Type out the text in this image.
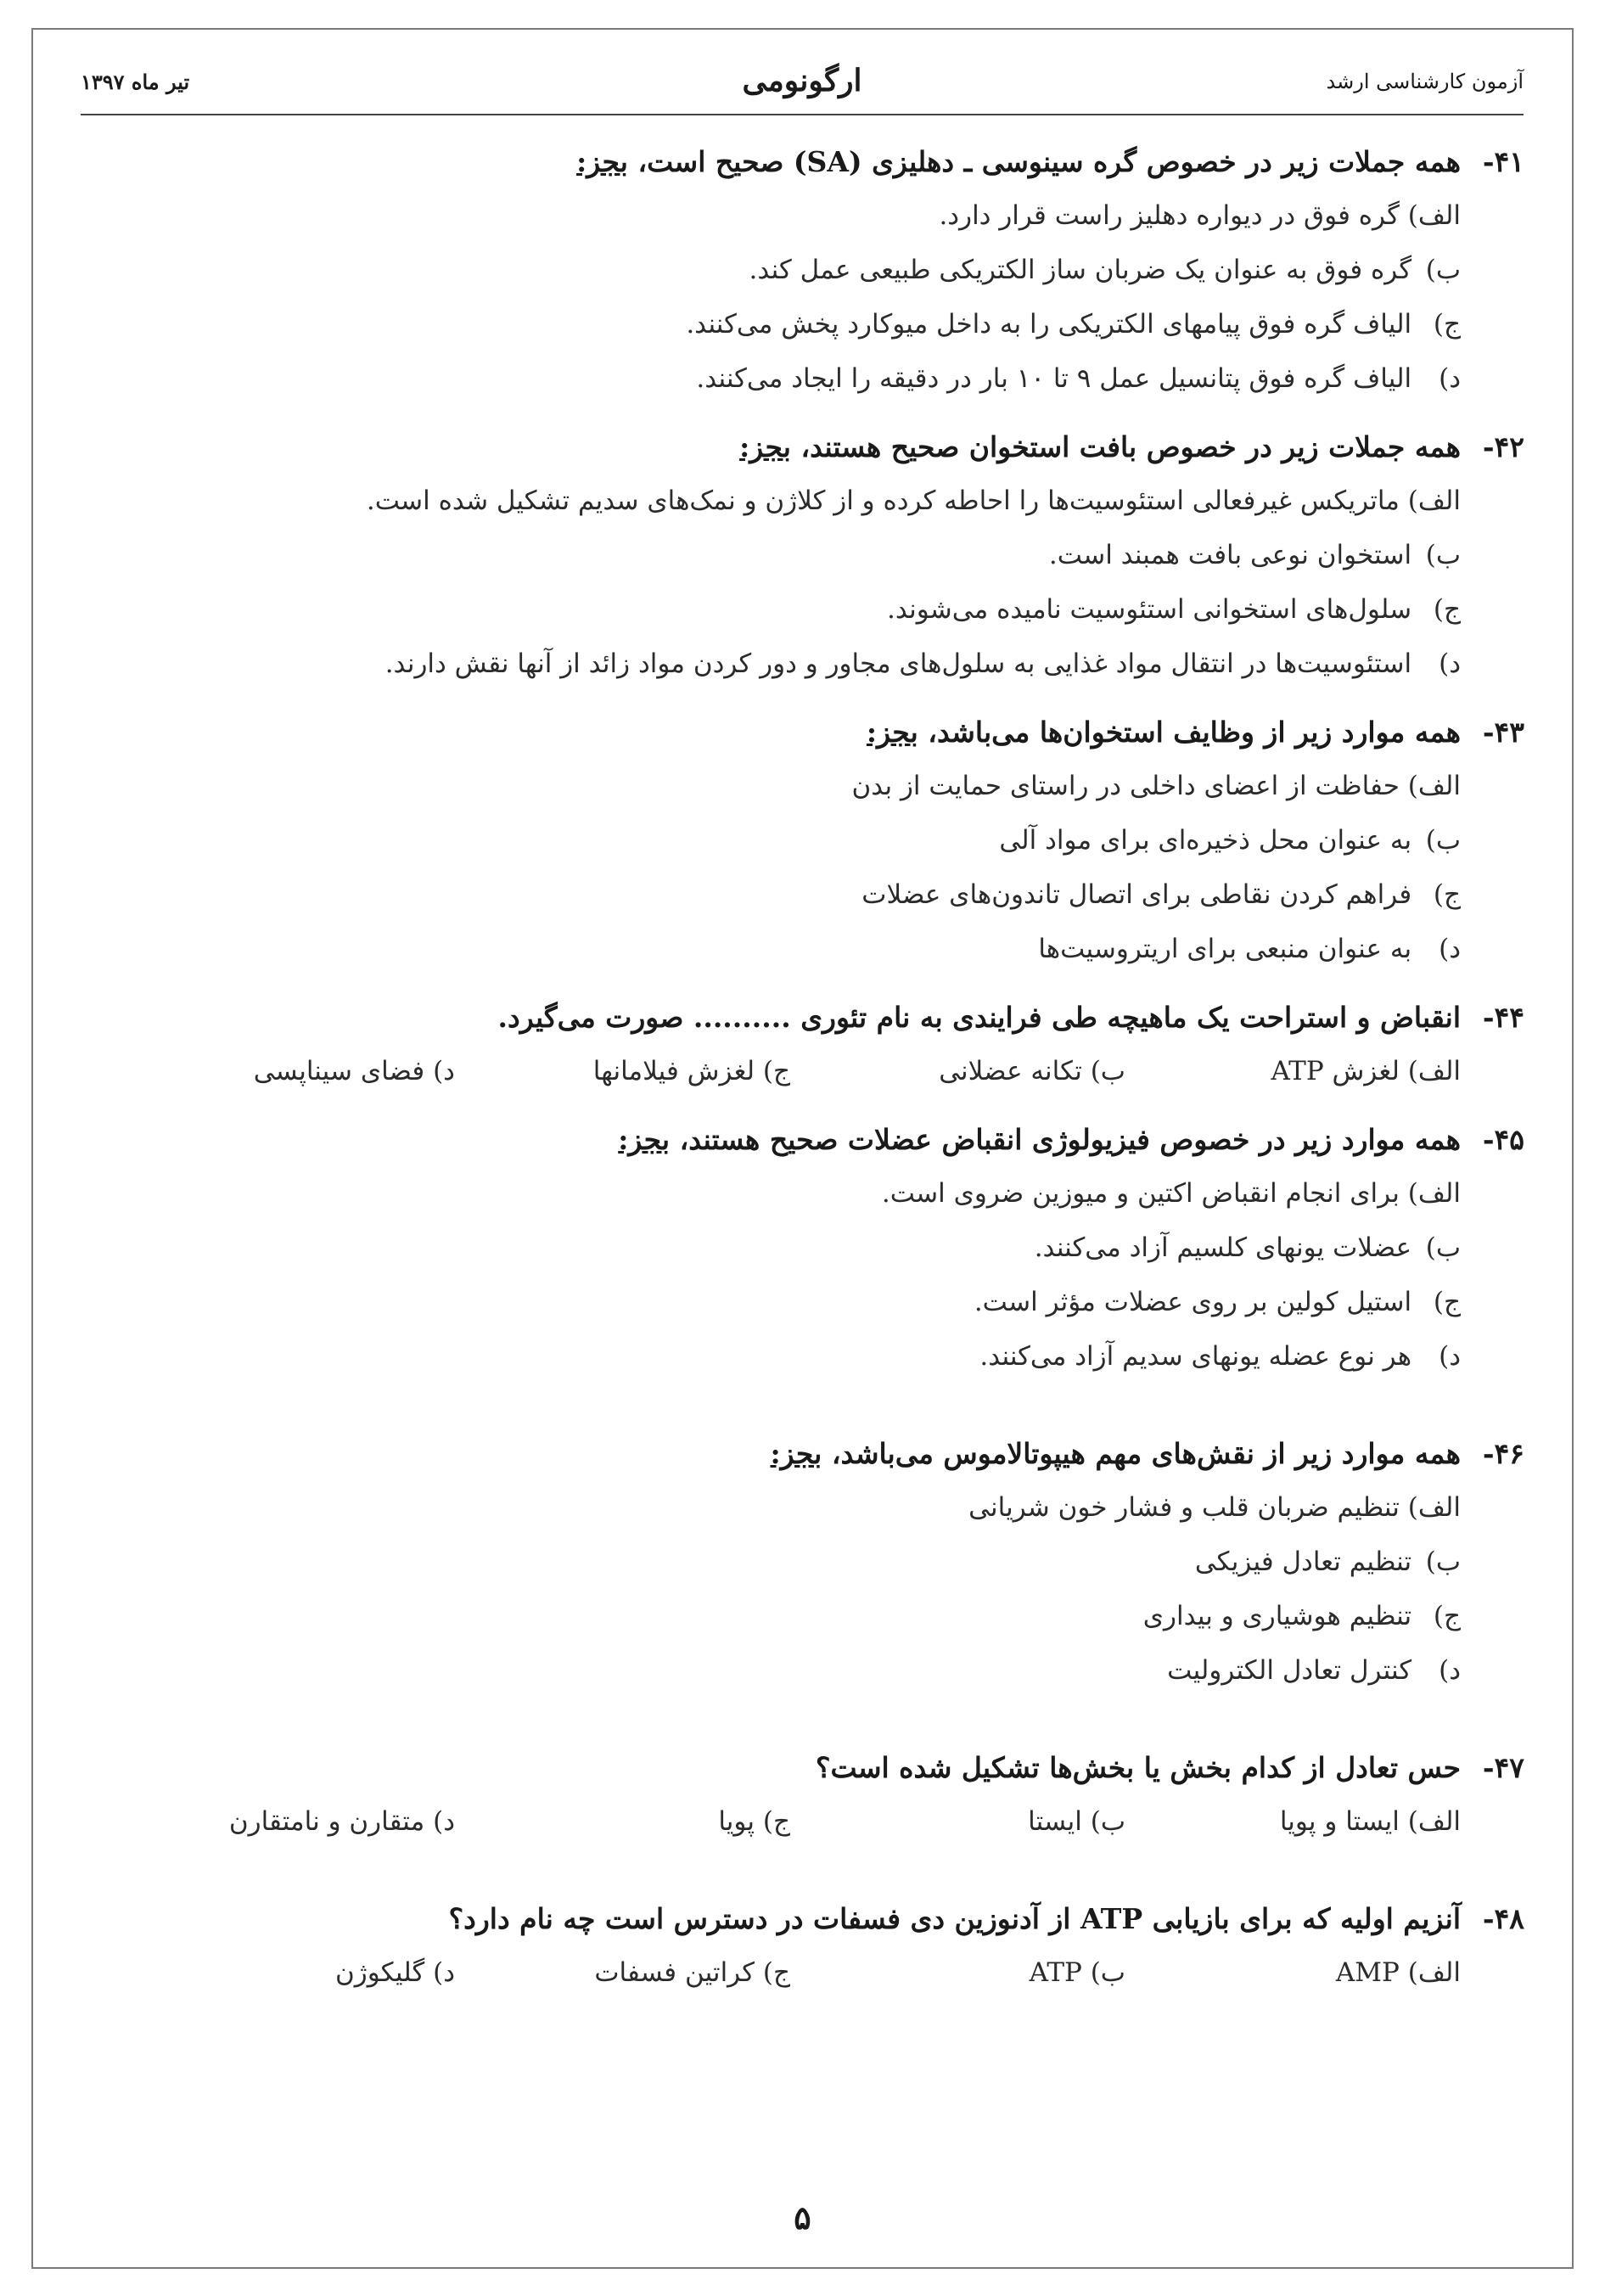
آزمون کارشناسی ارشد
ارگونومی
تیر ماه ۱۳۹۷
۴۱-همه جملات زیر در خصوص گره سینوسی ـ دهلیزی (SA) صحیح است، بجز:
الف) گره فوق در دیواره دهلیز راست قرار دارد.
ب) گره فوق به عنوان یک ضربان ساز الکتریکی طبیعی عمل کند.
ج) الیاف گره فوق پیامهای الکتریکی را به داخل میوکارد پخش می‌کنند.
د) الیاف گره فوق پتانسیل عمل ۹ تا ۱۰ بار در دقیقه را ایجاد می‌کنند.
۴۲-همه جملات زیر در خصوص بافت استخوان صحیح هستند، بجز:
الف) ماتریکس غیرفعالی استئوسیت‌ها را احاطه کرده و از کلاژن و نمک‌های سدیم تشکیل شده است.
ب) استخوان نوعی بافت همبند است.
ج) سلول‌های استخوانی استئوسیت نامیده می‌شوند.
د) استئوسیت‌ها در انتقال مواد غذایی به سلول‌های مجاور و دور کردن مواد زائد از آنها نقش دارند.
۴۳-همه موارد زیر از وظایف استخوان‌ها می‌باشد، بجز:
الف) حفاظت از اعضای داخلی در راستای حمایت از بدن
ب) به عنوان محل ذخیره‌ای برای مواد آلی
ج) فراهم کردن نقاطی برای اتصال تاندون‌های عضلات
د) به عنوان منبعی برای اریتروسیت‌ها
۴۴-انقباض و استراحت یک ماهیچه طی فرایندی به نام تئوری .......... صورت می‌گیرد.
الف) لغزش ATP
ب) تکانه عضلانی
ج) لغزش فیلامانها
د) فضای سیناپسی
۴۵-همه موارد زیر در خصوص فیزیولوژی انقباض عضلات صحیح هستند، بجز:
الف) برای انجام انقباض اکتین و میوزین ضروی است.
ب) عضلات یونهای کلسیم آزاد می‌کنند.
ج) استیل کولین بر روی عضلات مؤثر است.
د) هر نوع عضله یونهای سدیم آزاد می‌کنند.
۴۶-همه موارد زیر از نقش‌های مهم هیپوتالاموس می‌باشد، بجز:
الف) تنظیم ضربان قلب و فشار خون شریانی
ب) تنظیم تعادل فیزیکی
ج) تنظیم هوشیاری و بیداری
د) کنترل تعادل الکترولیت
۴۷-حس تعادل از کدام بخش یا بخش‌ها تشکیل شده است؟
الف) ایستا و پویا
ب) ایستا
ج) پویا
د) متقارن و نامتقارن
۴۸-آنزیم اولیه که برای بازیابی ATP از آدنوزین دی فسفات در دسترس است چه نام دارد؟
الف) AMP
ب) ATP
ج) کراتین فسفات
د) گلیکوژن
۵
